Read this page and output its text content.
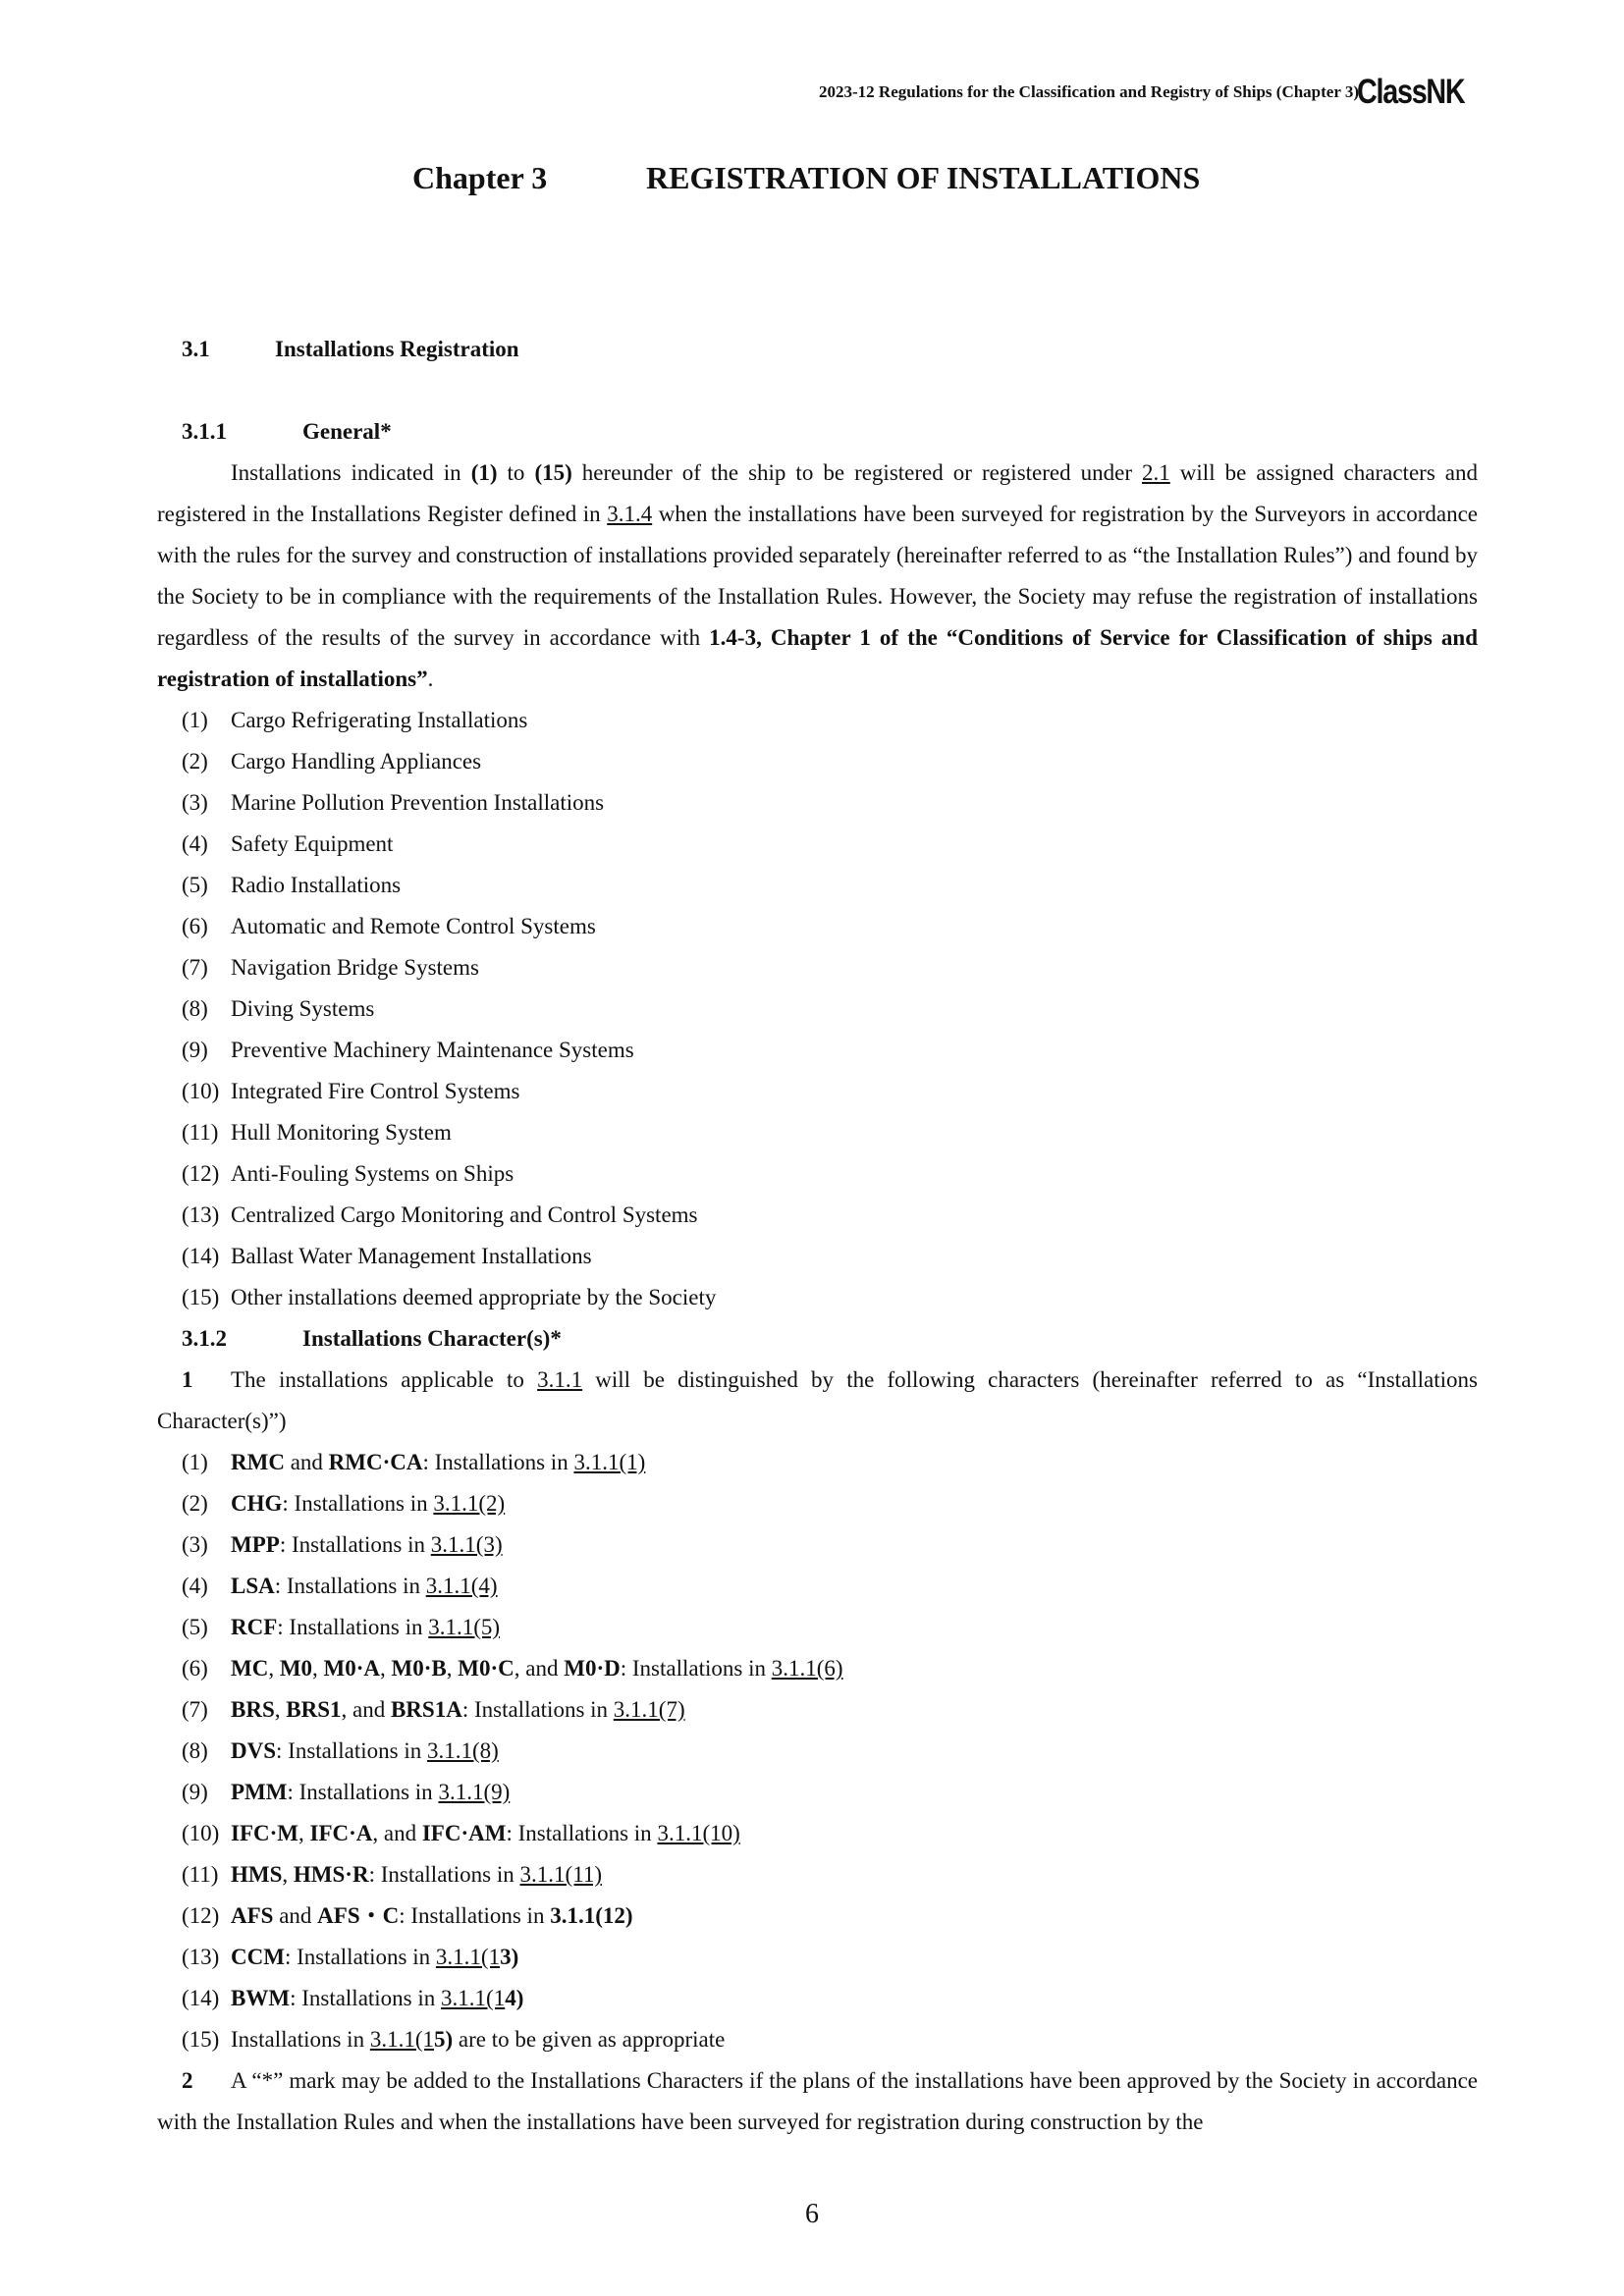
2023-12 Regulations for the Classification and Registry of Ships (Chapter 3)
ClassNK
Chapter 3	REGISTRATION OF INSTALLATIONS
3.1	Installations Registration
3.1.1	General*

Installations indicated in (1) to (15) hereunder of the ship to be registered or registered under 2.1 will be assigned characters and registered in the Installations Register defined in 3.1.4 when the installations have been surveyed for registration by the Surveyors in accordance with the rules for the survey and construction of installations provided separately (hereinafter referred to as “the Installation Rules”) and found by the Society to be in compliance with the requirements of the Installation Rules. However, the Society may refuse the registration of installations regardless of the results of the survey in accordance with 1.4-3, Chapter 1 of the “Conditions of Service for Classification of ships and registration of installations”.

(1) Cargo Refrigerating Installations
(2) Cargo Handling Appliances
(3) Marine Pollution Prevention Installations
(4) Safety Equipment
(5) Radio Installations
(6) Automatic and Remote Control Systems
(7) Navigation Bridge Systems
(8) Diving Systems
(9) Preventive Machinery Maintenance Systems
(10) Integrated Fire Control Systems
(11) Hull Monitoring System
(12) Anti-Fouling Systems on Ships
(13) Centralized Cargo Monitoring and Control Systems
(14) Ballast Water Management Installations
(15) Other installations deemed appropriate by the Society
3.1.2	Installations Character(s)*

1 The installations applicable to 3.1.1 will be distinguished by the following characters (hereinafter referred to as “Installations Character(s)”)

(1) RMC and RMC·CA: Installations in 3.1.1(1)
(2) CHG: Installations in 3.1.1(2)
(3) MPP: Installations in 3.1.1(3)
(4) LSA: Installations in 3.1.1(4)
(5) RCF: Installations in 3.1.1(5)
(6) MC, M0, M0·A, M0·B, M0·C, and M0·D: Installations in 3.1.1(6)
(7) BRS, BRS1, and BRS1A: Installations in 3.1.1(7)
(8) DVS: Installations in 3.1.1(8)
(9) PMM: Installations in 3.1.1(9)
(10) IFC·M, IFC·A, and IFC·AM: Installations in 3.1.1(10)
(11) HMS, HMS·R: Installations in 3.1.1(11)
(12) AFS and AFS・C: Installations in 3.1.1(12)
(13) CCM: Installations in 3.1.1(13)
(14) BWM: Installations in 3.1.1(14)
(15) Installations in 3.1.1(15) are to be given as appropriate

2 A “*” mark may be added to the Installations Characters if the plans of the installations have been approved by the Society in accordance with the Installation Rules and when the installations have been surveyed for registration during construction by the

6
